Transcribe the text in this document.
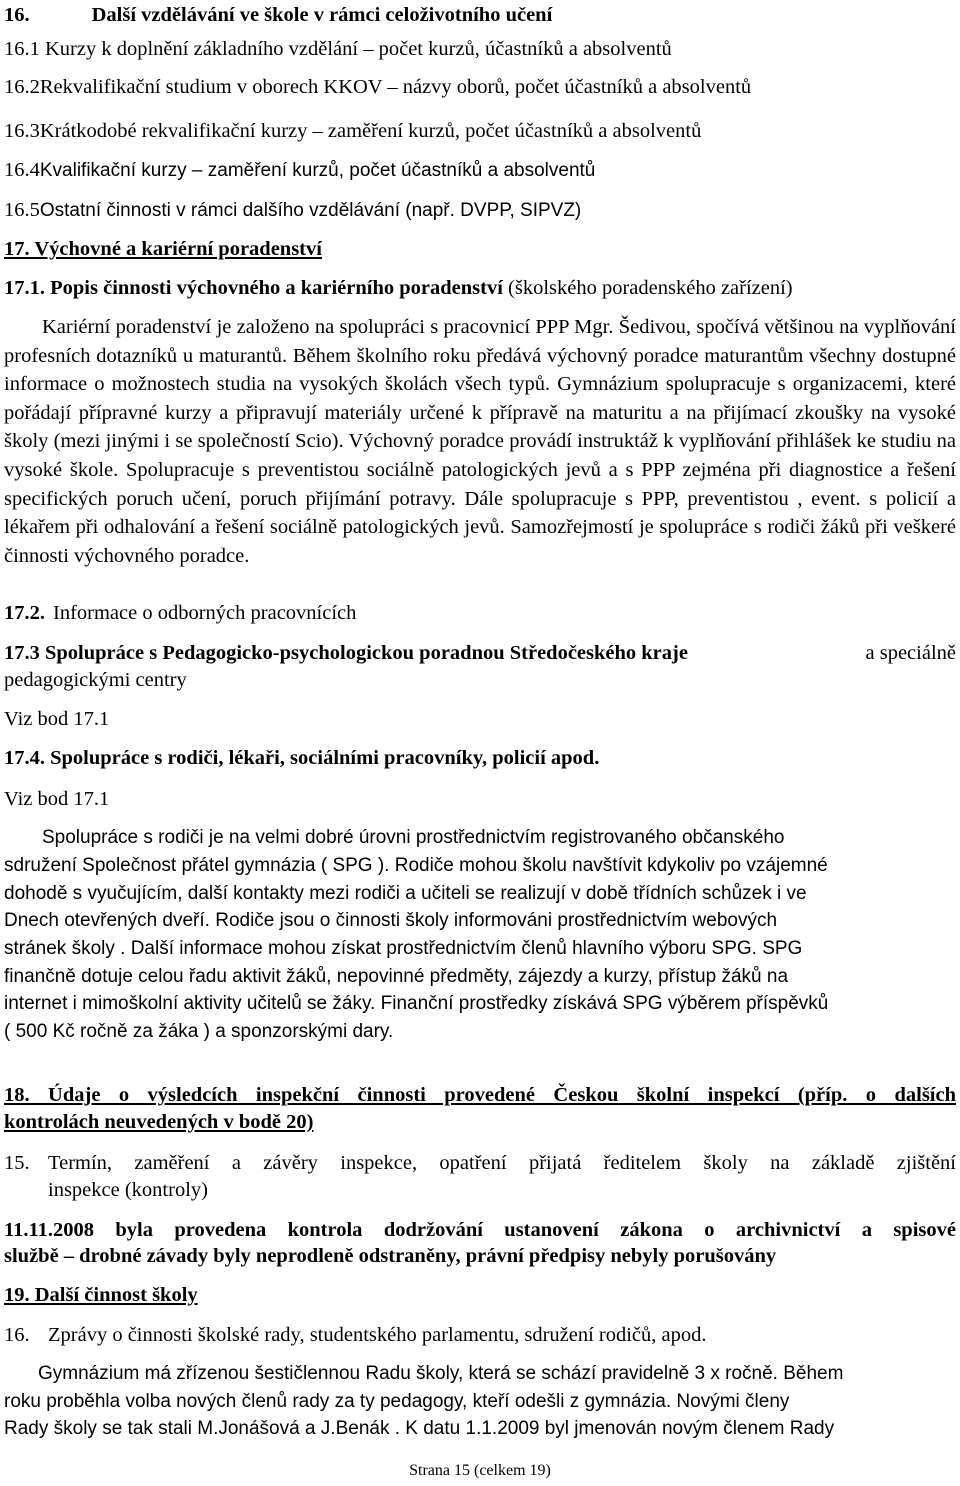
16.	Další vzdělávání ve škole v rámci celoživotního učení
16.1 Kurzy k doplnění základního vzdělání – počet kurzů, účastníků a absolventů
16.2Rekvalifikační studium v oborech KKOV – názvy oborů, počet účastníků a absolventů
16.3Krátkodobé rekvalifikační kurzy – zaměření kurzů, počet účastníků a absolventů
16.4Kvalifikační kurzy – zaměření kurzů, počet účastníků a absolventů
16.5Ostatní činnosti v rámci dalšího vzdělávání (např. DVPP, SIPVZ)
17. Výchovné a kariérní poradenství
17.1. Popis činnosti výchovného a kariérního poradenství (školského poradenského zařízení)
Kariérní poradenství je založeno na spolupráci s pracovnicí PPP Mgr. Šedivou, spočívá většinou na vyplňování profesních dotazníků u maturantů. Během školního roku předává výchovný poradce maturantům všechny dostupné informace o možnostech studia na vysokých školách všech typů. Gymnázium spolupracuje s organizacemi, které pořádají přípravné kurzy a připravují materiály určené k přípravě na maturitu a na přijímací zkoušky na vysoké školy (mezi jinými i se společností Scio). Výchovný poradce provádí instruktáž k vyplňování přihlášek ke studiu na vysoké škole. Spolupracuje s preventistou sociálně patologických jevů a s PPP zejména při diagnostice a řešení specifických poruch učení, poruch přijímání potravy. Dále spolupracuje s PPP, preventistou , event. s policií a lékařem při odhalování a řešení sociálně patologických jevů. Samozřejmostí je spolupráce s rodiči žáků při veškeré činnosti výchovného poradce.
17.2. Informace o odborných pracovnících
17.3 Spolupráce s Pedagogicko-psychologickou poradnou Středočeského kraje	a speciálně
pedagogickými centry
Viz bod 17.1
17.4. Spolupráce s rodiči, lékaři, sociálními pracovníky, policií apod.
Viz bod 17.1
Spolupráce s rodiči je na velmi dobré úrovni prostřednictvím registrovaného občanského
sdružení Společnost přátel gymnázia ( SPG ). Rodiče mohou školu navštívit kdykoliv po vzájemné
dohodě s vyučujícím, další kontakty mezi rodiči a učiteli se realizují v době třídních schůzek i ve
Dnech otevřených dveří. Rodiče jsou o činnosti školy informováni prostřednictvím webových
stránek školy . Další informace mohou získat prostřednictvím členů hlavního výboru SPG. SPG
finančně dotuje celou řadu aktivit žáků, nepovinné předměty, zájezdy a kurzy, přístup žáků na
internet i mimoškolní aktivity učitelů se žáky. Finanční prostředky získává SPG výběrem příspěvků
( 500 Kč ročně za žáka ) a sponzorskými dary.
18. Údaje o výsledcích inspekční činnosti provedené Českou školní inspekcí (příp. o dalších
kontrolách neuvedených v bodě 20)
15. Termín, zaměření a závěry inspekce, opatření přijatá ředitelem školy na základě zjištění
inspekce (kontroly)
11.11.2008 byla provedena kontrola dodržování ustanovení zákona o archivnictví a spisové
službě – drobné závady byly neprodleně odstraněny, právní předpisy nebyly porušovány
19. Další činnost školy
16. Zprávy o činnosti školské rady, studentského parlamentu, sdružení rodičů, apod.
Gymnázium má zřízenou šestičlennou Radu školy, která se schází pravidelně 3 x ročně. Během
roku proběhla volba nových členů rady za ty pedagogy, kteří odešli z gymnázia. Novými členy
Rady školy se tak stali M.Jonášová a J.Benák . K datu 1.1.2009 byl jmenován novým členem Rady
Strana 15 (celkem 19)
